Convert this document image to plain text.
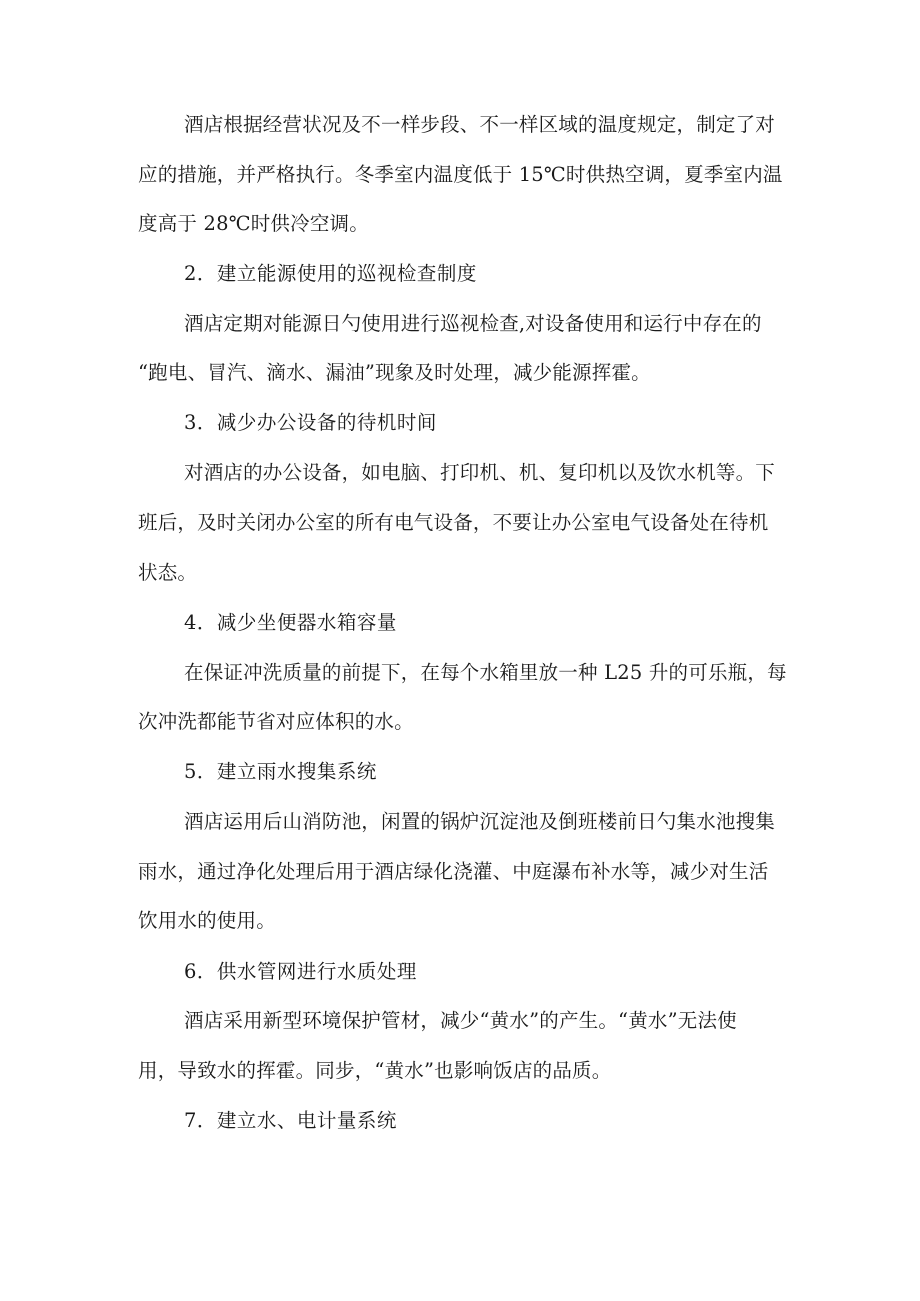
酒店根据经营状况及不一样步段、不一样区域的温度规定，制定了对
应的措施，并严格执行。冬季室内温度低于 15℃时供热空调，夏季室内温
度高于 28℃时供冷空调。
2．建立能源使用的巡视检查制度
酒店定期对能源日勺使用进行巡视检查,对设备使用和运行中存在的
“跑电、冒汽、滴水、漏油”现象及时处理，减少能源挥霍。
3．减少办公设备的待机时间
对酒店的办公设备，如电脑、打印机、机、复印机以及饮水机等。下
班后，及时关闭办公室的所有电气设备，不要让办公室电气设备处在待机
状态。
4．减少坐便器水箱容量
在保证冲洗质量的前提下，在每个水箱里放一种 L25 升的可乐瓶，每
次冲洗都能节省对应体积的水。
5．建立雨水搜集系统
酒店运用后山消防池，闲置的锅炉沉淀池及倒班楼前日勺集水池搜集
雨水，通过净化处理后用于酒店绿化浇灌、中庭瀑布补水等，减少对生活
饮用水的使用。
6．供水管网进行水质处理
酒店采用新型环境保护管材，减少“黄水”的产生。“黄水”无法使
用，导致水的挥霍。同步，“黄水”也影响饭店的品质。
7．建立水、电计量系统
